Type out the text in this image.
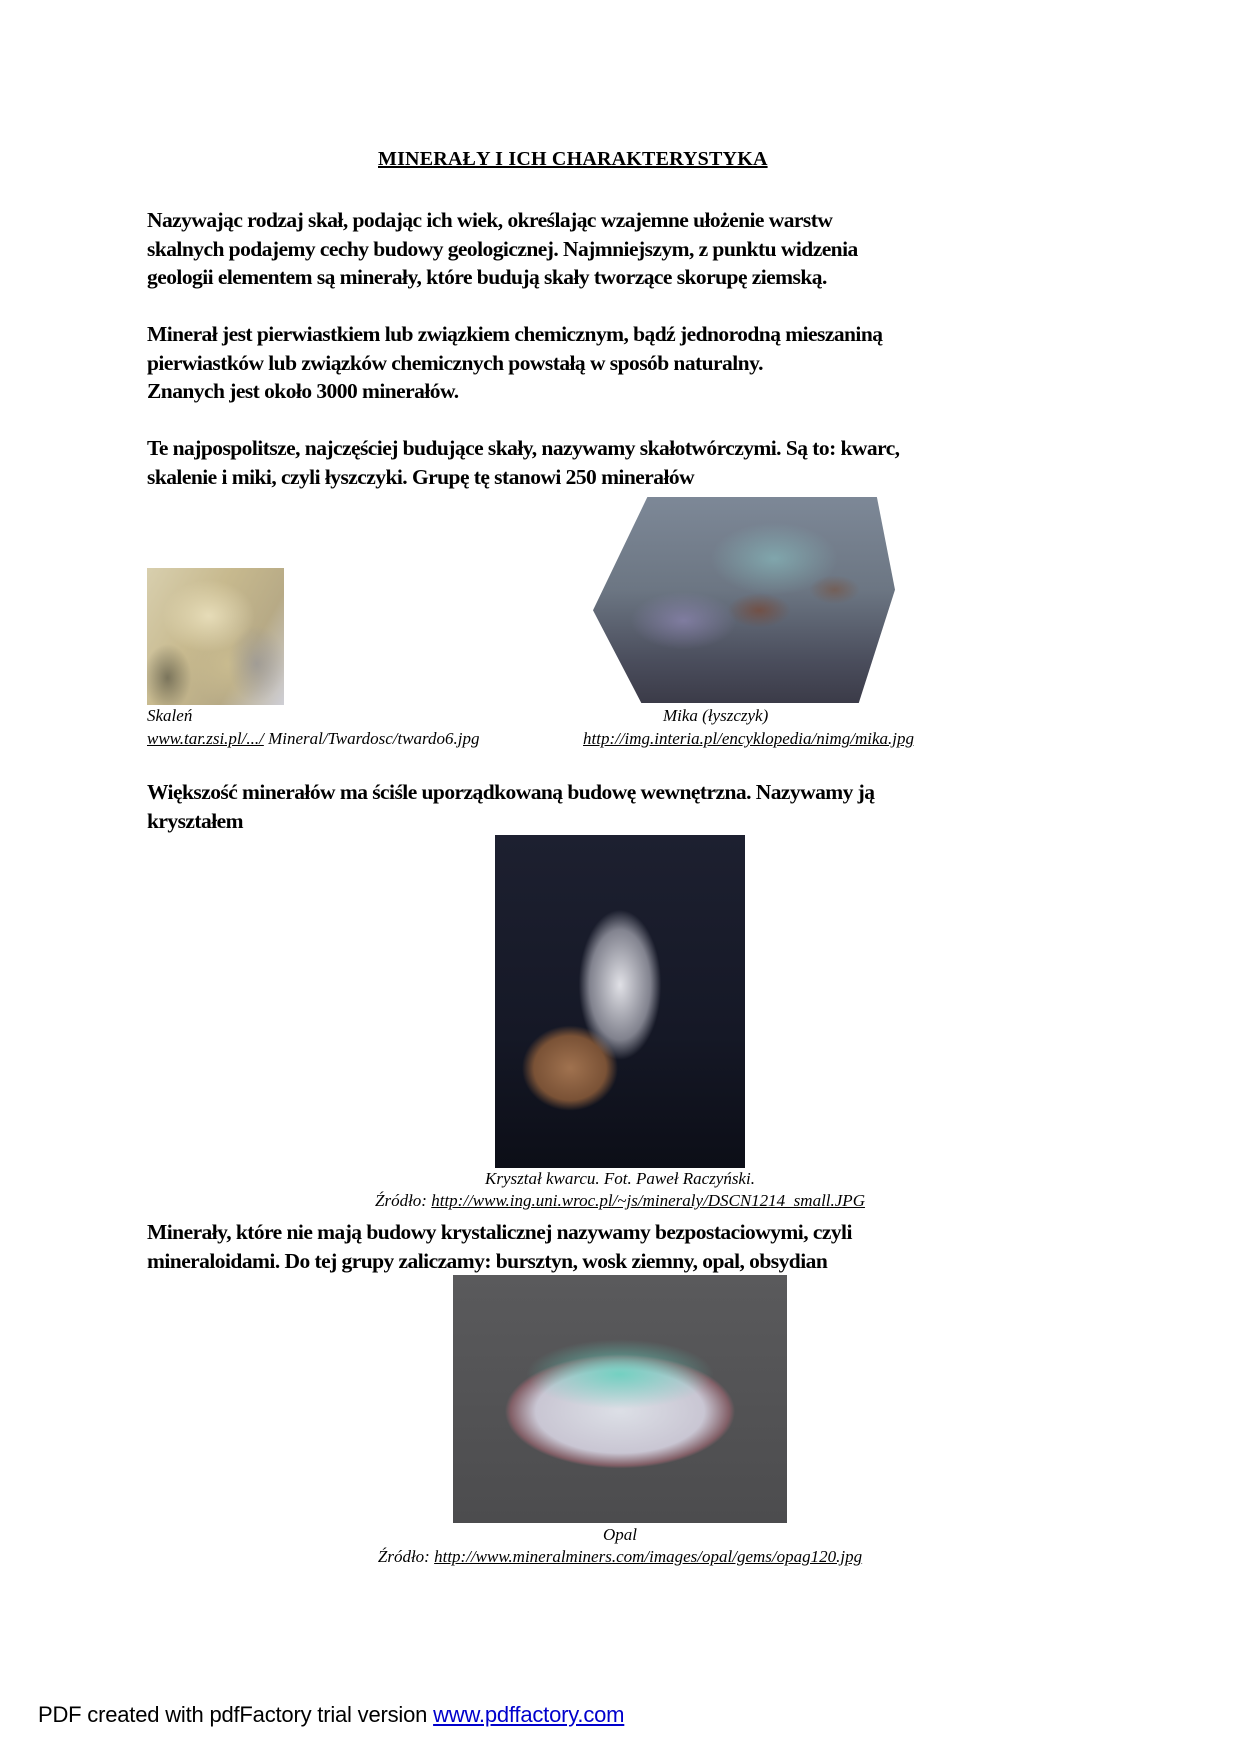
MINERAŁY I ICH CHARAKTERYSTYKA
Nazywając rodzaj skał, podając ich wiek, określając wzajemne ułożenie warstw
skalnych podajemy cechy budowy geologicznej. Najmniejszym, z punktu widzenia
geologii elementem są minerały, które budują skały tworzące skorupę ziemską.
Minerał jest pierwiastkiem lub związkiem chemicznym, bądź jednorodną mieszaniną
pierwiastków lub związków chemicznych powstałą w sposób naturalny.
Znanych jest około 3000 minerałów.
Te najpospolitsze, najczęściej budujące skały, nazywamy skałotwórczymi. Są to: kwarc,
skalenie i miki, czyli łyszczyki. Grupę tę stanowi 250 minerałów
Skaleń	Mika (łyszczyk)
www.tar.zsi.pl/.../ Mineral/Twardosc/twardo6.jpg	http://img.interia.pl/encyklopedia/nimg/mika.jpg
Większość minerałów ma ściśle uporządkowaną budowę wewnętrzna. Nazywamy ją
kryształem
Kryształ kwarcu. Fot. Paweł Raczyński.
Źródło: http://www.ing.uni.wroc.pl/~js/mineraly/DSCN1214_small.JPG
Minerały, które nie mają budowy krystalicznej nazywamy bezpostaciowymi, czyli
mineraloidami. Do tej grupy zaliczamy: bursztyn, wosk ziemny, opal, obsydian
Opal
Źródło: http://www.mineralminers.com/images/opal/gems/opag120.jpg
PDF created with pdfFactory trial version www.pdffactory.com
